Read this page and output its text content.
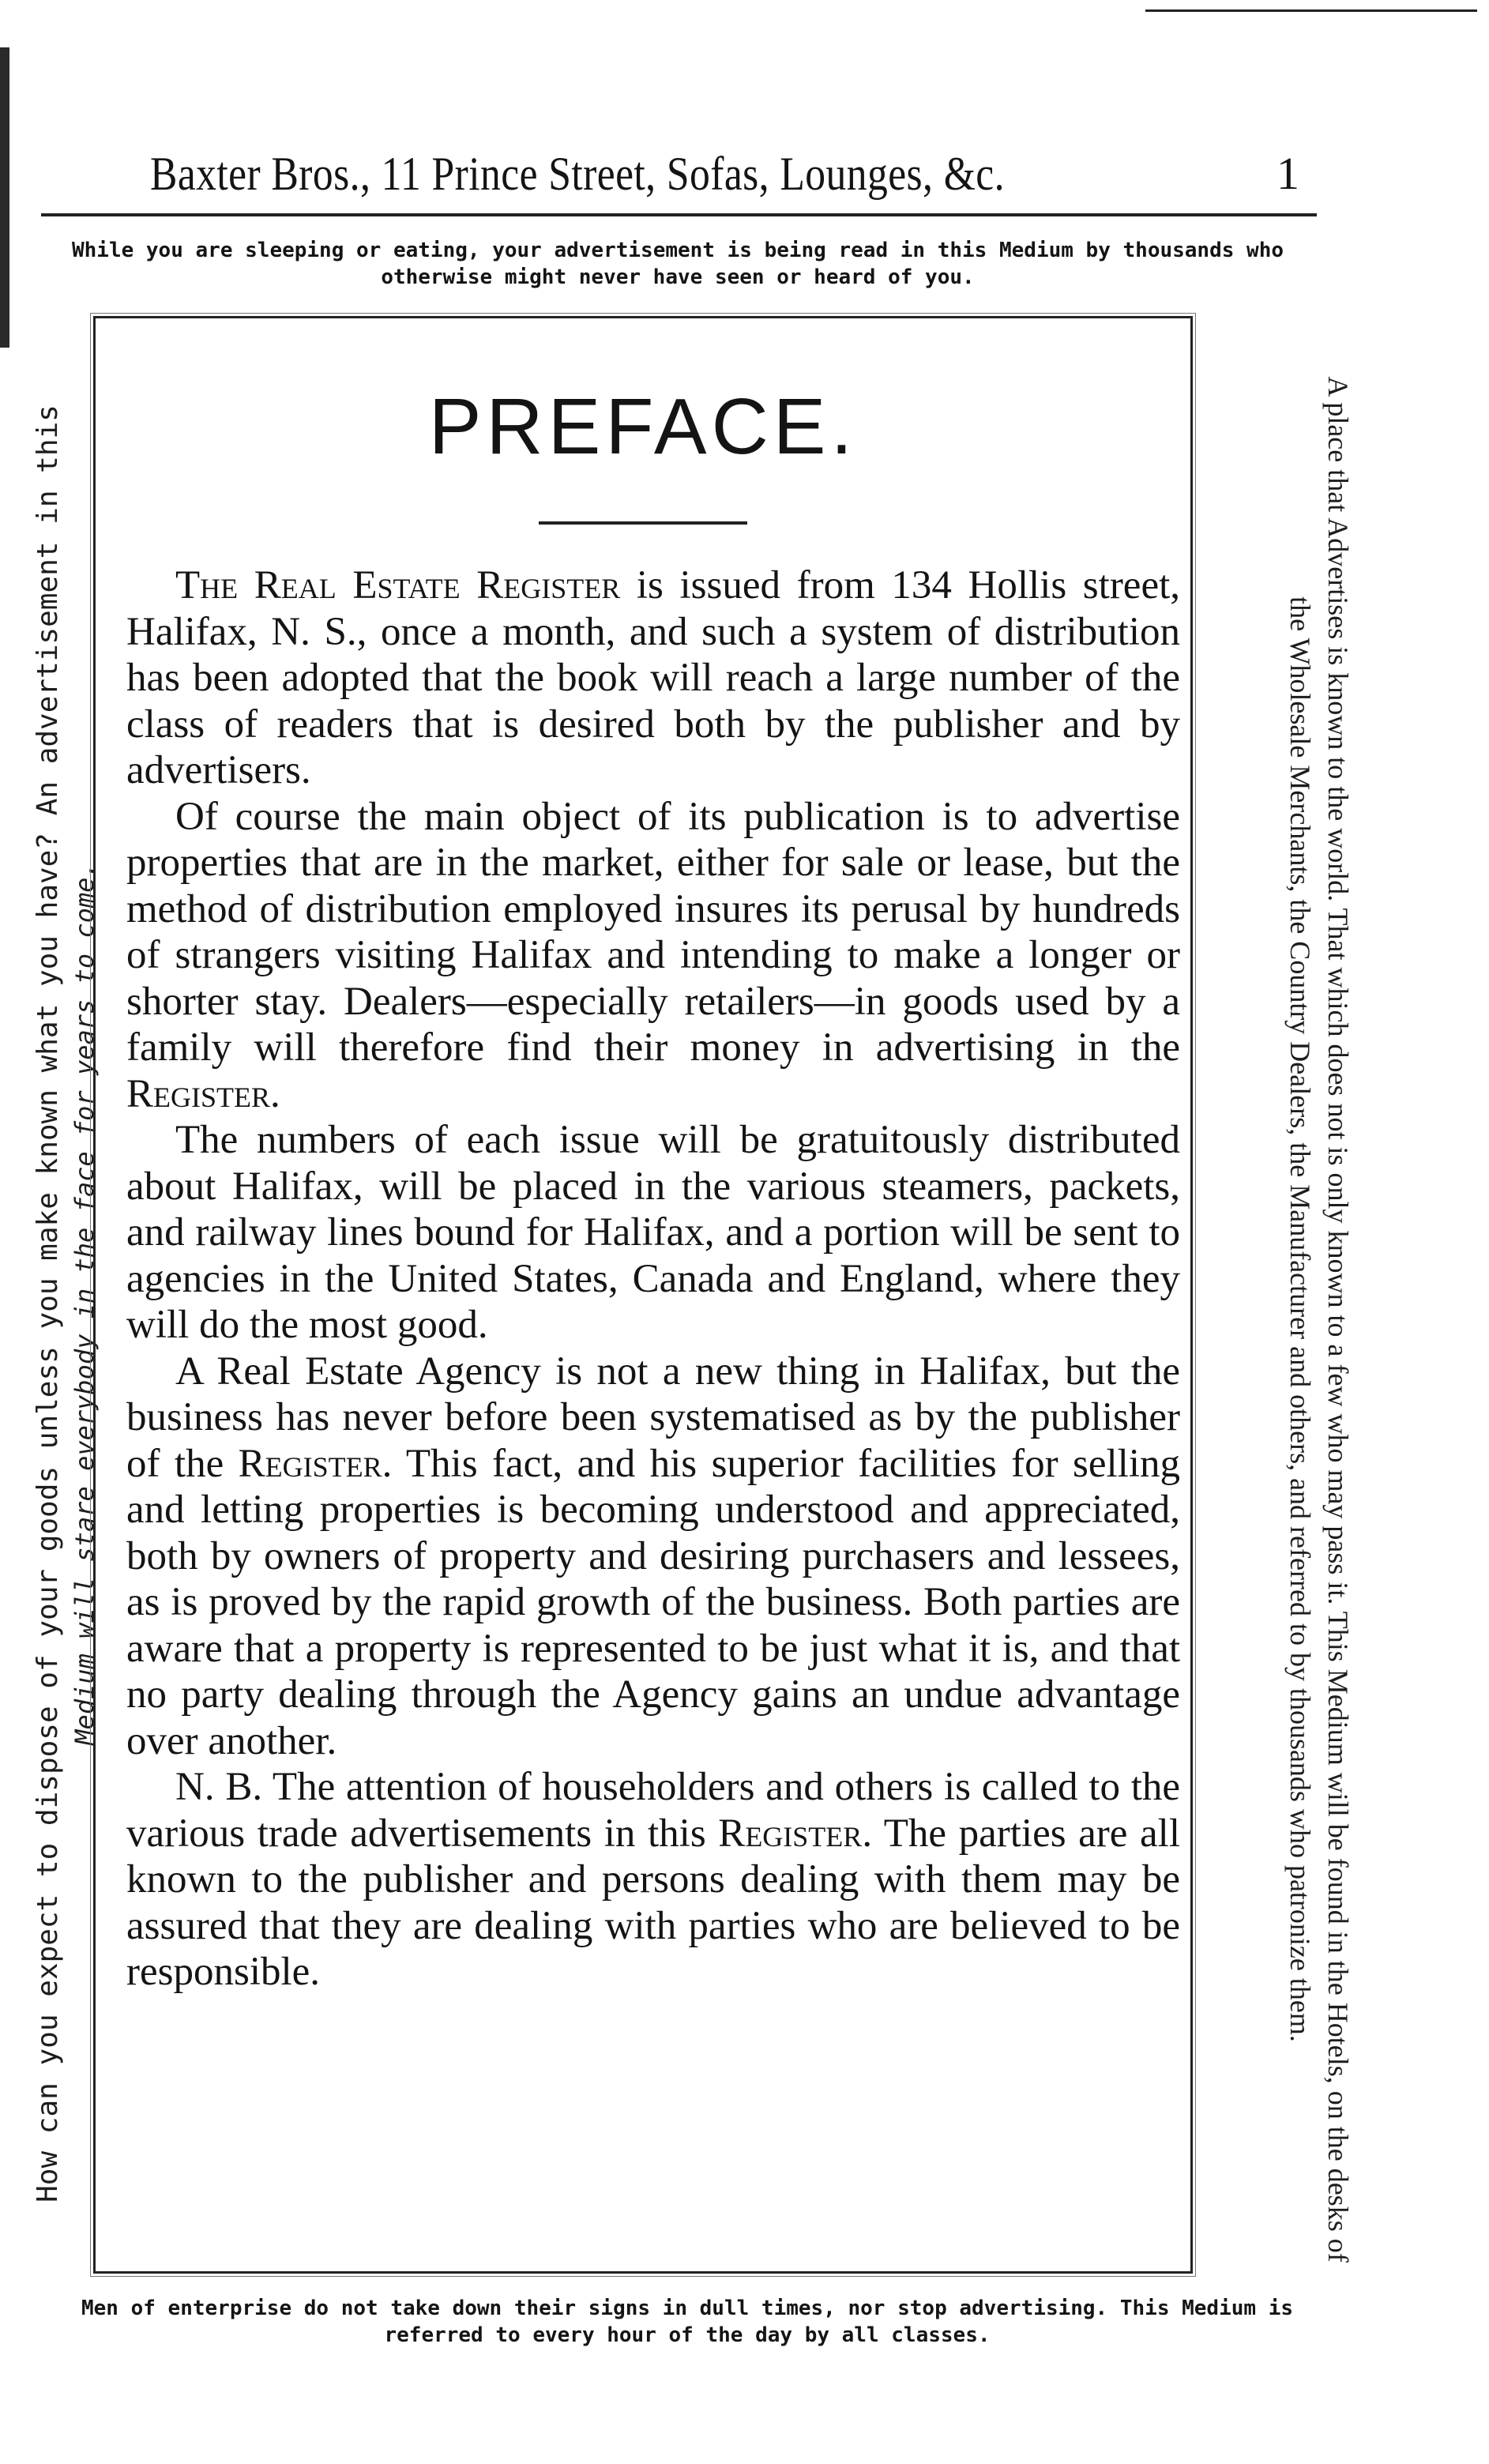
Baxter Bros., 11 Prince Street, Sofas, Lounges, &c.	1
While you are sleeping or eating, your advertisement is being read in this Medium by thousands who otherwise might never have seen or heard of you.
How can you expect to dispose of your goods unless you make known what you have? An advertisement in this Medium will stare everybody in the face for years to come.	A place that Advertises is known to the world. That which does not is only known to a few who may pass it. This Medium will be found in the Hotels, on the desks of the Wholesale Merchants, the Country Dealers, the Manufacturer and others, and referred to by thousands who patronize them.
PREFACE.

The Real Estate Register is issued from 134 Hollis street, Halifax, N. S., once a month, and such a system of distribution has been adopted that the book will reach a large number of the class of readers that is desired both by the publisher and by advertisers.

Of course the main object of its publication is to advertise properties that are in the market, either for sale or lease, but the method of distribution employed insures its perusal by hundreds of strangers visiting Halifax and intending to make a longer or shorter stay. Dealers—especially retailers—in goods used by a family will therefore find their money in advertising in the Register.

The numbers of each issue will be gratuitously distributed about Halifax, will be placed in the various steamers, packets, and railway lines bound for Halifax, and a portion will be sent to agencies in the United States, Canada and England, where they will do the most good.

A Real Estate Agency is not a new thing in Halifax, but the business has never before been systematised as by the publisher of the Register. This fact, and his superior facilities for selling and letting properties is becoming understood and appreciated, both by owners of property and desiring purchasers and lessees, as is proved by the rapid growth of the business. Both parties are aware that a property is represented to be just what it is, and that no party dealing through the Agency gains an undue advantage over another.

N. B. The attention of householders and others is called to the various trade advertisements in this Register. The parties are all known to the publisher and persons dealing with them may be assured that they are dealing with parties who are believed to be responsible.

Men of enterprise do not take down their signs in dull times, nor stop advertising. This Medium is referred to every hour of the day by all classes.
